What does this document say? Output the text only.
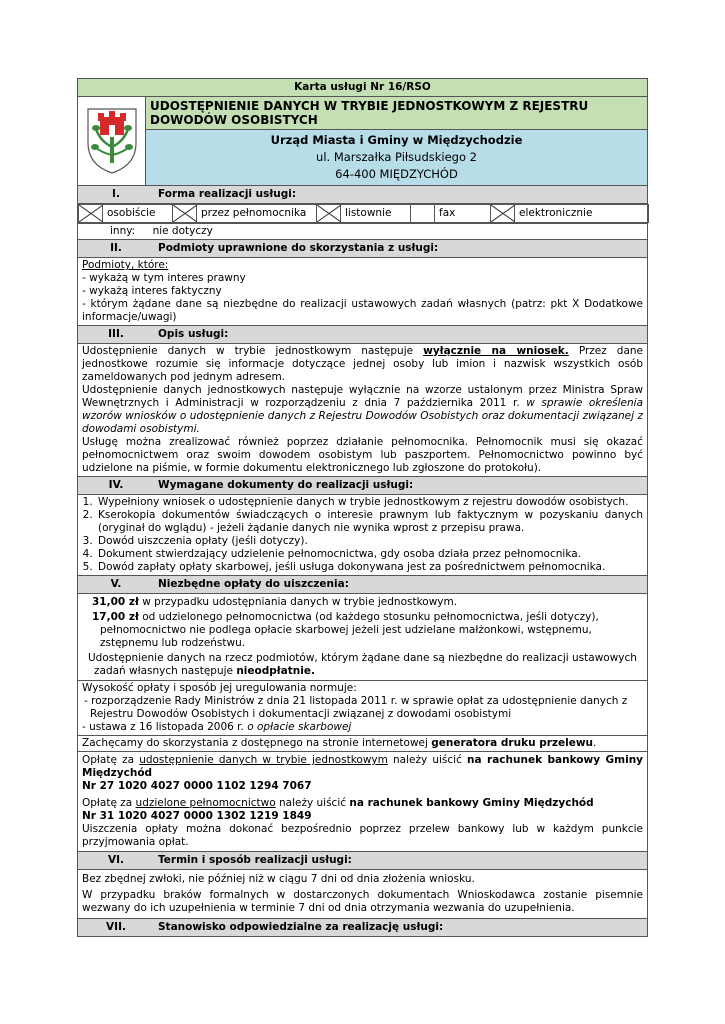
Karta usługi Nr 16/RSO
	UDOSTĘPNIENIE DANYCH W TRYBIE JEDNOSTKOWYM Z REJESTRU DOWODÓW OSOBISTYCH

Urząd Miasta i Gminy w Międzychodzie
ul. Marszałka Piłsudskiego 2
64-400 MIĘDZYCHÓD

I.	Forma realizacji usługi:

	osobiście		przez pełnomocnika		listownie		fax		elektronicznie

inny: nie dotyczy
II.	Podmioty uprawnione do skorzystania z usługi:

Podmioty, które:

- wykażą w tym interes prawny

- wykażą interes faktyczny

- którym żądane dane są niezbędne do realizacji ustawowych zadań własnych (patrz: pkt X Dodatkowe informacje/uwagi)

III.	Opis usługi:

Udostępnienie danych w trybie jednostkowym następuje wyłącznie na wniosek. Przez dane jednostkowe rozumie się informacje dotyczące jednej osoby lub imion i nazwisk wszystkich osób zameldowanych pod jednym adresem.

Udostępnienie danych jednostkowych następuje wyłącznie na wzorze ustalonym przez Ministra Spraw Wewnętrznych i Administracji w rozporządzeniu z dnia 7 października 2011 r. w sprawie określenia wzorów wniosków o udostępnienie danych z Rejestru Dowodów Osobistych oraz dokumentacji związanej z dowodami osobistymi.

Usługę można zrealizować również poprzez działanie pełnomocnika. Pełnomocnik musi się okazać pełnomocnictwem oraz swoim dowodem osobistym lub paszportem. Pełnomocnictwo powinno być udzielone na piśmie, w formie dokumentu elektronicznego lub zgłoszone do protokołu).

IV.	Wymagane dokumenty do realizacji usługi:

1. Wypełniony wniosek o udostępnienie danych w trybie jednostkowym z rejestru dowodów osobistych.
2. Kserokopia dokumentów świadczących o interesie prawnym lub faktycznym w pozyskaniu danych (oryginał do wglądu) - jeżeli żądanie danych nie wynika wprost z przepisu prawa.
3. Dowód uiszczenia opłaty (jeśli dotyczy).
4. Dokument stwierdzający udzielenie pełnomocnictwa, gdy osoba działa przez pełnomocnika.
5. Dowód zapłaty opłaty skarbowej, jeśli usługa dokonywana jest za pośrednictwem pełnomocnika.

V.	Niezbędne opłaty do uiszczenia:

31,00 zł w przypadku udostępniania danych w trybie jednostkowym.

17,00 zł od udzielonego pełnomocnictwa (od każdego stosunku pełnomocnictwa, jeśli dotyczy), pełnomocnictwo nie podlega opłacie skarbowej jeżeli jest udzielane małżonkowi, wstępnemu, zstępnemu lub rodzeństwu.

Udostępnienie danych na rzecz podmiotów, którym żądane dane są niezbędne do realizacji ustawowych zadań własnych następuje nieodpłatnie.

Wysokość opłaty i sposób jej uregulowania normuje:

- rozporządzenie Rady Ministrów z dnia 21 listopada 2011 r. w sprawie opłat za udostępnienie danych z Rejestru Dowodów Osobistych i dokumentacji związanej z dowodami osobistymi

- ustawa z 16 listopada 2006 r. o opłacie skarbowej

Zachęcamy do skorzystania z dostępnego na stronie internetowej generatora druku przelewu.

Opłatę za udostępnienie danych w trybie jednostkowym należy uiścić na rachunek bankowy Gminy Międzychód

Nr 27 1020 4027 0000 1102 1294 7067

Opłatę za udzielone pełnomocnictwo należy uiścić na rachunek bankowy Gminy Międzychód

Nr 31 1020 4027 0000 1302 1219 1849

Uiszczenia opłaty można dokonać bezpośrednio poprzez przelew bankowy lub w każdym punkcie przyjmowania opłat.

VI.	Termin i sposób realizacji usługi:

Bez zbędnej zwłoki, nie później niż w ciągu 7 dni od dnia złożenia wniosku.

W przypadku braków formalnych w dostarczonych dokumentach Wnioskodawca zostanie pisemnie wezwany do ich uzupełnienia w terminie 7 dni od dnia otrzymania wezwania do uzupełnienia.

VII.	Stanowisko odpowiedzialne za realizację usługi:
